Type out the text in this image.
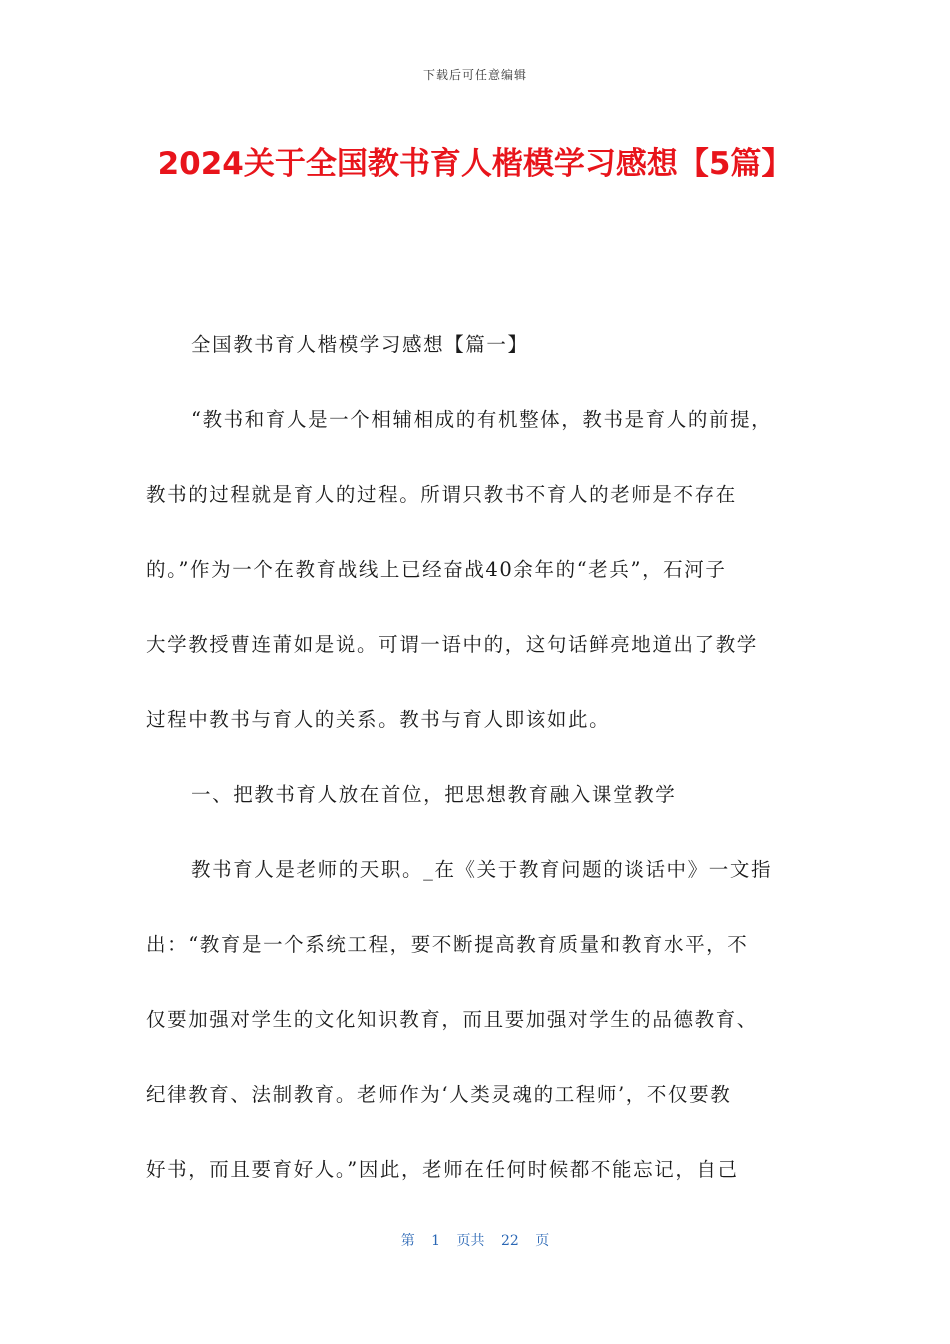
下载后可任意编辑
2024关于全国教书育人楷模学习感想【5篇】
全国教书育人楷模学习感想【篇一】
“教书和育人是一个相辅相成的有机整体，教书是育人的前提，
教书的过程就是育人的过程。所谓只教书不育人的老师是不存在
的。”作为一个在教育战线上已经奋战40余年的“老兵”，石河子
大学教授曹连莆如是说。可谓一语中的，这句话鲜亮地道出了教学
过程中教书与育人的关系。教书与育人即该如此。
一、把教书育人放在首位，把思想教育融入课堂教学
教书育人是老师的天职。_在《关于教育问题的谈话中》一文指
出：“教育是一个系统工程，要不断提高教育质量和教育水平，不
仅要加强对学生的文化知识教育，而且要加强对学生的品德教育、
纪律教育、法制教育。老师作为‘人类灵魂的工程师’，不仅要教
好书，而且要育好人。”因此，老师在任何时候都不能忘记，自己
第 1 页共 22 页
